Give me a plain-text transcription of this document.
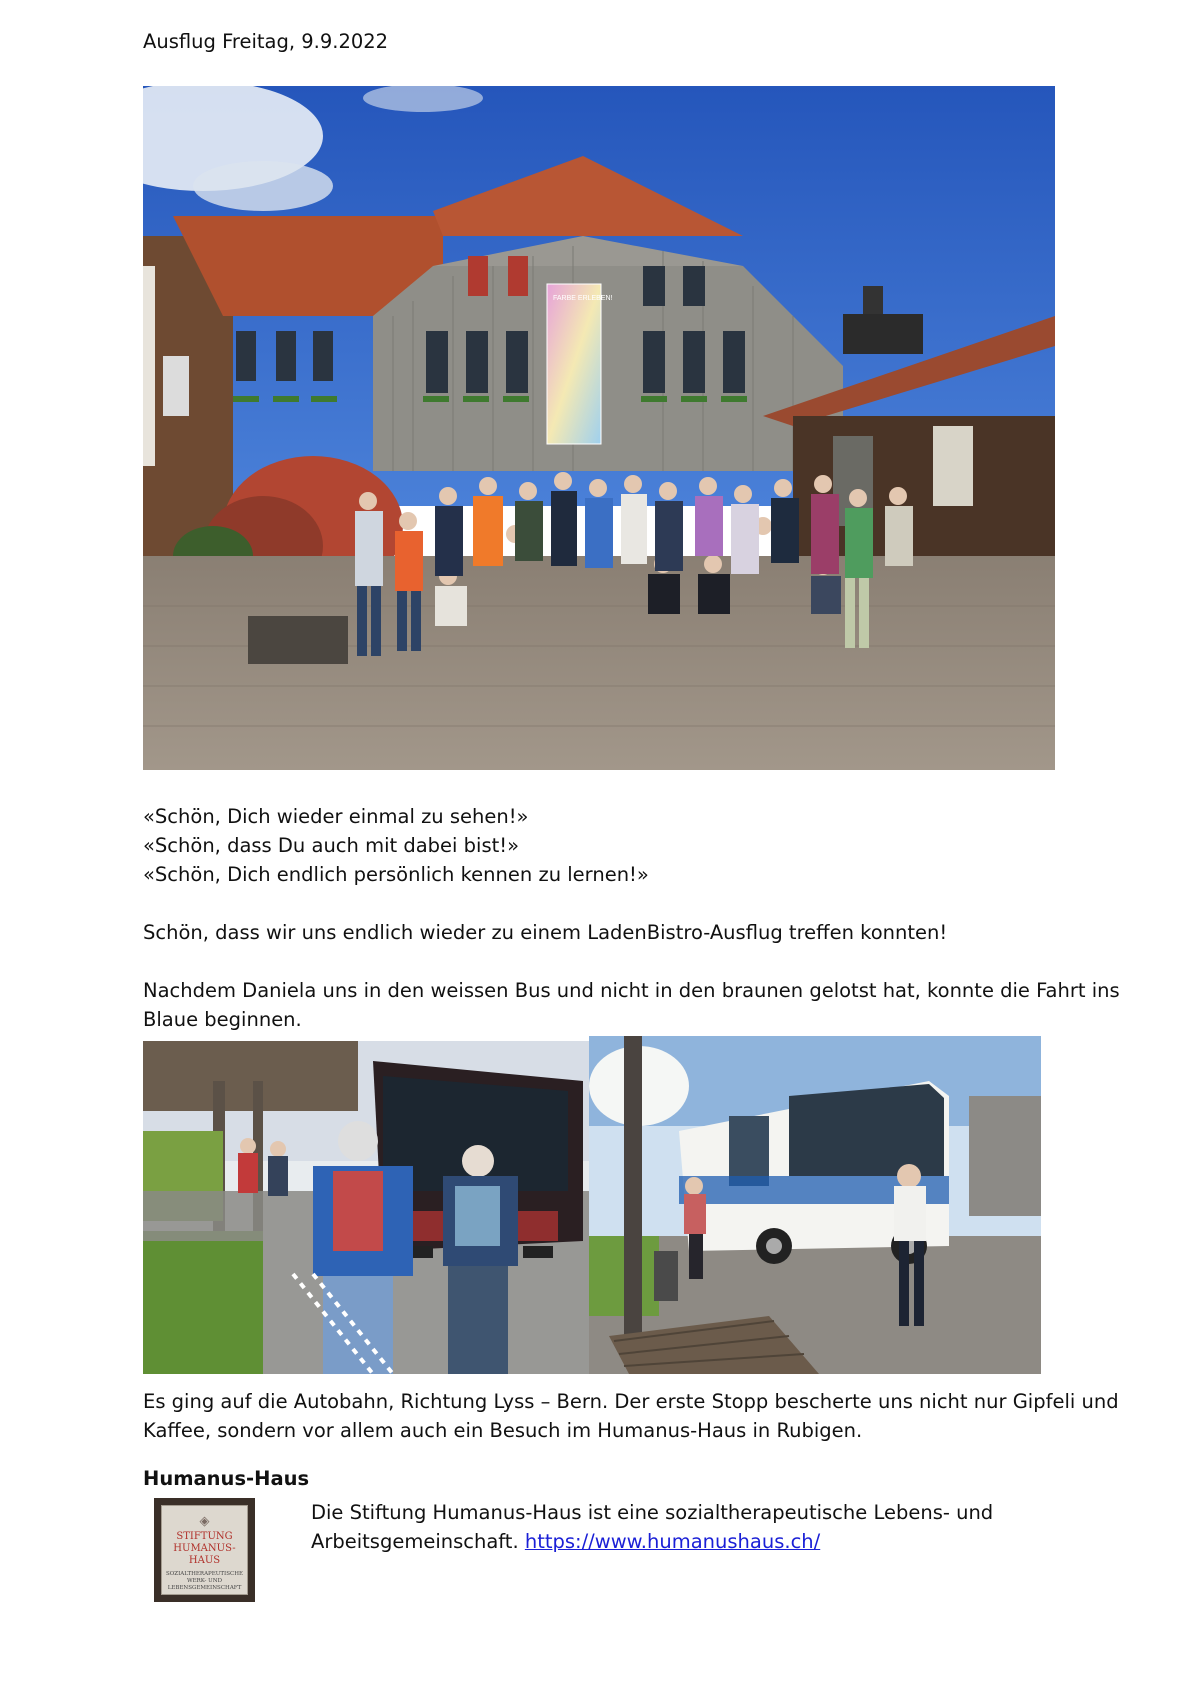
Ausflug Freitag, 9.9.2022
FARBE ERLEBEN!

«Schön, Dich wieder einmal zu sehen!»
«Schön, dass Du auch mit dabei bist!»
«Schön, Dich endlich persönlich kennen zu lernen!»

Schön, dass wir uns endlich wieder zu einem LadenBistro-Ausflug treffen konnten!

Nachdem Daniela uns in den weissen Bus und nicht in den braunen gelotst hat, konnte die Fahrt ins
Blaue beginnen.

Es ging auf die Autobahn, Richtung Lyss – Bern. Der erste Stopp bescherte uns nicht nur Gipfeli und
Kaffee, sondern vor allem auch ein Besuch im Humanus-Haus in Rubigen.

Humanus-Haus
◈
STIFTUNG
HUMANUS-HAUS
SOZIALTHERAPEUTISCHE WERK- UND LEBENSGEMEINSCHAFT
Die Stiftung Humanus-Haus ist eine sozialtherapeutische Lebens- und
Arbeitsgemeinschaft. https://www.humanushaus.ch/
